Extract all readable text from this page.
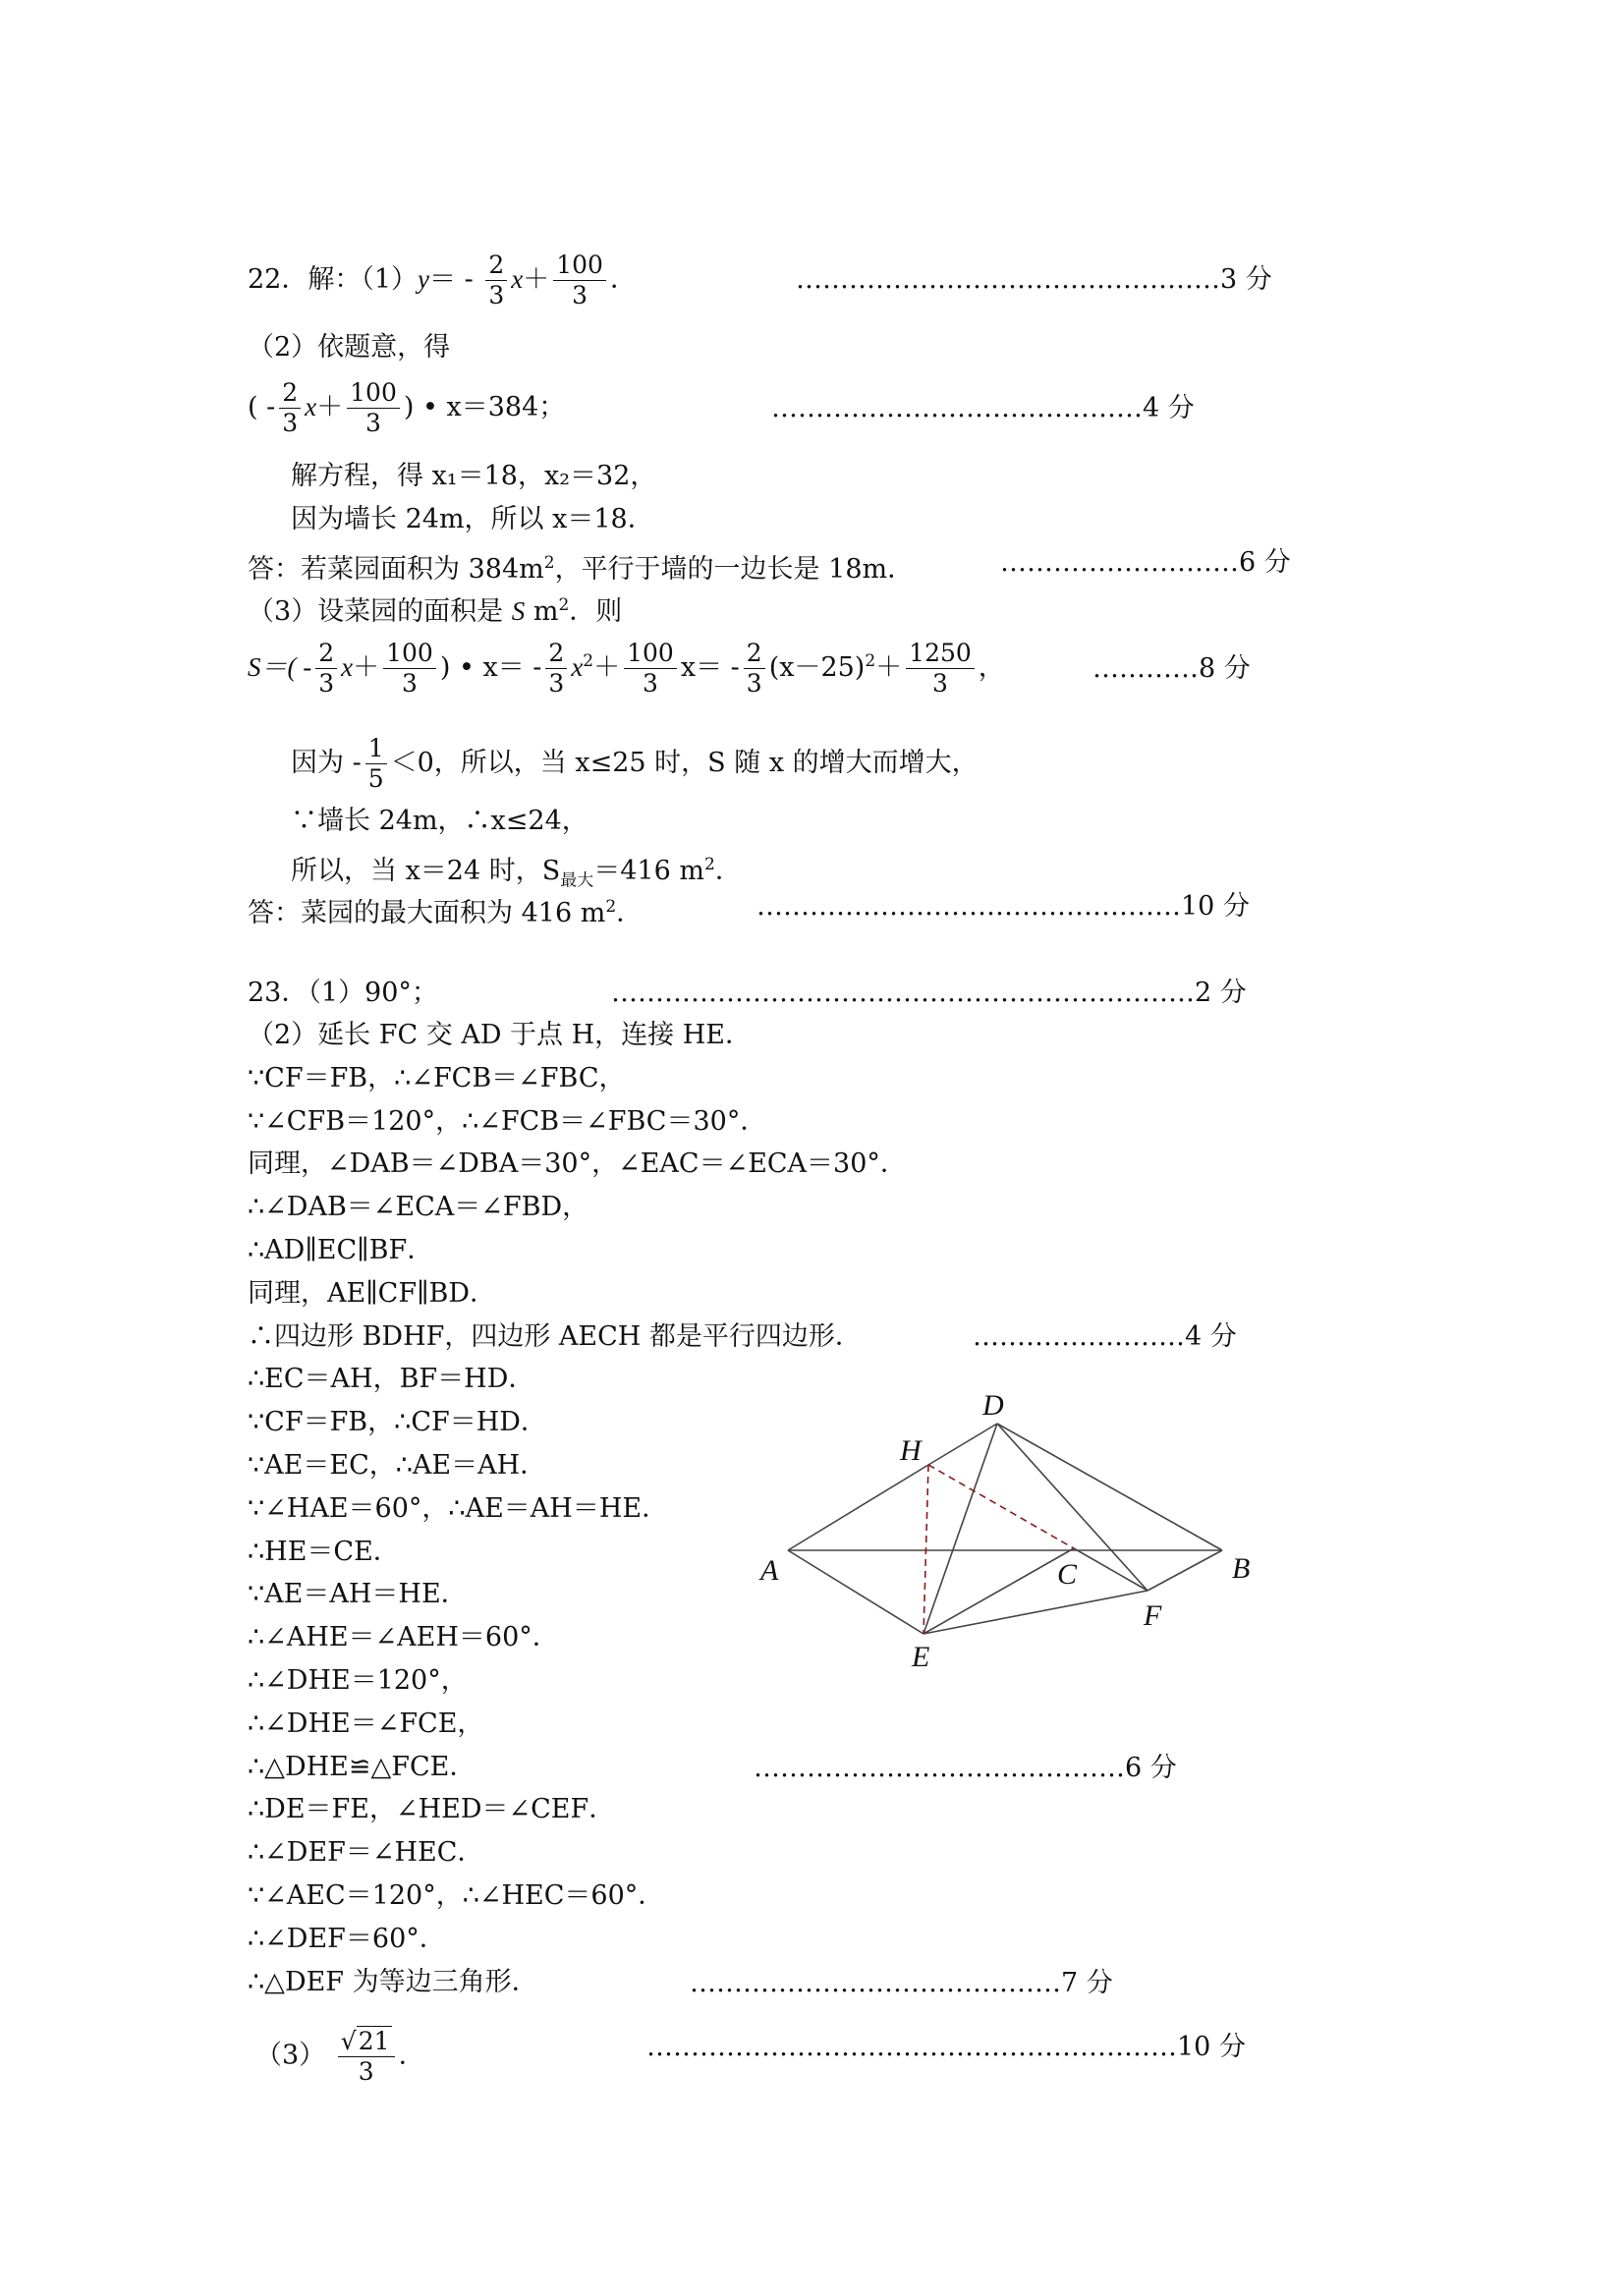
22．解：$(1)y= - \frac{2}{3} x+ \frac{100}{3}$ ．	…………………………………………3 分
（2）依题意，得
( - $\frac{2}{3} x+ \frac{100}{3}$ ) • x＝384；	……………………………………4 分
解方程，得 x₁＝18，x₂＝32，
因为墙长 24m，所以 x＝18．
答：若菜园面积为 $384m^2$，平行于墙的一边长是 18m．	………………………6 分
（3）设菜园的面积是 S $m^2$．则
$S=( - \frac{2}{3} x+ \frac{100}{3}$ ) • $x= - \frac{2}{3} x^2+ \frac{100}{3} x= - \frac{2}{3} (x-25)^2+ \frac{1250}{3}$ ，	…………8 分
因为 - $\frac{1}{5} <0$，所以，当 x≤25 时，S 随 x 的增大而增大，
∵墙长 24m，∴x≤24，
所以，当 x＝24 时，$S_{最大}=416$ $m^2$．
答：菜园的最大面积为 416 $m^2$．	…………………………………………10 分
23．（1）90°；	…………………………………………………………2 分
（2）延长 FC 交 AD 于点 H，连接 HE．
∵CF＝FB，∴∠FCB＝∠FBC，
∵∠CFB＝120°，∴∠FCB＝∠FBC＝30°．
同理，∠DAB＝∠DBA＝30°，∠EAC＝∠ECA＝30°．
∴∠DAB＝∠ECA＝∠FBD，
∴AD∥EC∥BF．
同理，AE∥CF∥BD．
∴四边形 BDHF，四边形 AECH 都是平行四边形．
∴EC＝AH，BF＝HD．
∵CF＝FB，∴CF＝HD．
∵AE＝EC，∴AE＝AH．
∵∠HAE＝60°，∴AE＝AH＝HE．
∴HE＝CE．
∵AE＝AH＝HE．
∴∠AHE＝∠AEH＝60°．
∴∠DHE＝120°，
∴∠DHE＝∠FCE，
∴△DHE≌△FCE．
∴DE＝FE，∠HED＝∠CEF．
∴∠DEF＝∠HEC．
∵∠AEC＝120°，∴∠HEC＝60°．
∴∠DEF＝60°．
∴△DEF 为等边三角形．
……………………4 分
……………………………………6 分
……………………………………7 分
$(3) \frac{√21}{3}$ .	……………………………………………………10 分
A	B
C
D
E
F
H
